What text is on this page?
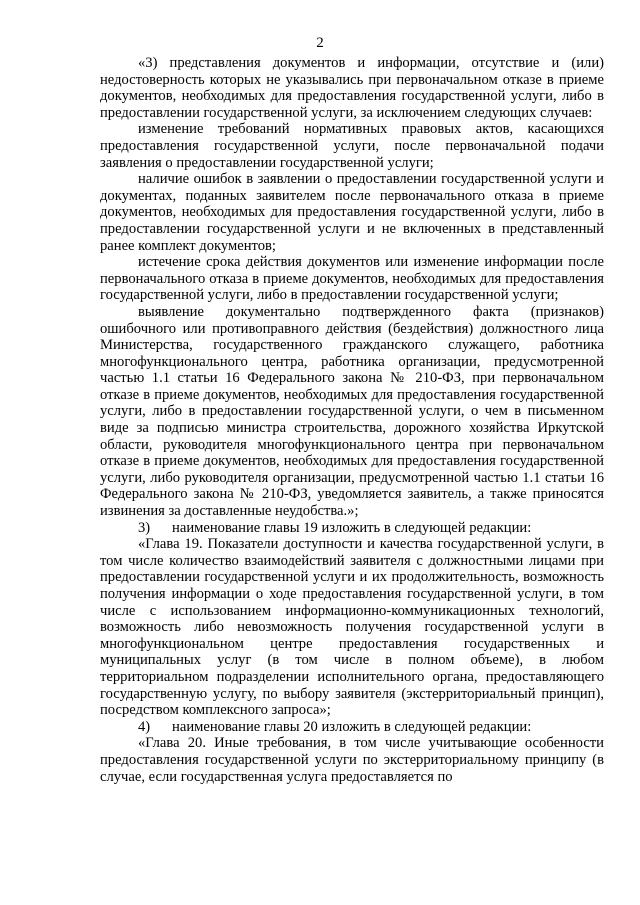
2

«3) представления документов и информации, отсутствие и (или) недостоверность которых не указывались при первоначальном отказе в приеме документов, необходимых для предоставления государственной услуги, либо в предоставлении государственной услуги, за исключением следующих случаев:

изменение требований нормативных правовых актов, касающихся предоставления государственной услуги, после первоначальной подачи заявления о предоставлении государственной услуги;

наличие ошибок в заявлении о предоставлении государственной услуги и документах, поданных заявителем после первоначального отказа в приеме документов, необходимых для предоставления государственной услуги, либо в предоставлении государственной услуги и не включенных в представленный ранее комплект документов;

истечение срока действия документов или изменение информации после первоначального отказа в приеме документов, необходимых для предоставления государственной услуги, либо в предоставлении государственной услуги;

выявление документально подтвержденного факта (признаков) ошибочного или противоправного действия (бездействия) должностного лица Министерства, государственного гражданского служащего, работника многофункционального центра, работника организации, предусмотренной частью 1.1 статьи 16 Федерального закона № 210-ФЗ, при первоначальном отказе в приеме документов, необходимых для предоставления государственной услуги, либо в предоставлении государственной услуги, о чем в письменном виде за подписью министра строительства, дорожного хозяйства Иркутской области, руководителя многофункционального центра при первоначальном отказе в приеме документов, необходимых для предоставления государственной услуги, либо руководителя организации, предусмотренной частью 1.1 статьи 16 Федерального закона № 210-ФЗ, уведомляется заявитель, а также приносятся извинения за доставленные неудобства.»;

3)  наименование главы 19 изложить в следующей редакции:

«Глава 19. Показатели доступности и качества государственной услуги, в том числе количество взаимодействий заявителя с должностными лицами при предоставлении государственной услуги и их продолжительность, возможность получения информации о ходе предоставления государственной услуги, в том числе с использованием информационно-коммуникационных технологий, возможность либо невозможность получения государственной услуги в многофункциональном центре предоставления государственных и муниципальных услуг (в том числе в полном объеме), в любом территориальном подразделении исполнительного органа, предоставляющего государственную услугу, по выбору заявителя (экстерриториальный принцип), посредством комплексного запроса»;

4)  наименование главы 20 изложить в следующей редакции:

«Глава 20. Иные требования, в том числе учитывающие особенности предоставления государственной услуги по экстерриториальному принципу (в случае, если государственная услуга предоставляется по
